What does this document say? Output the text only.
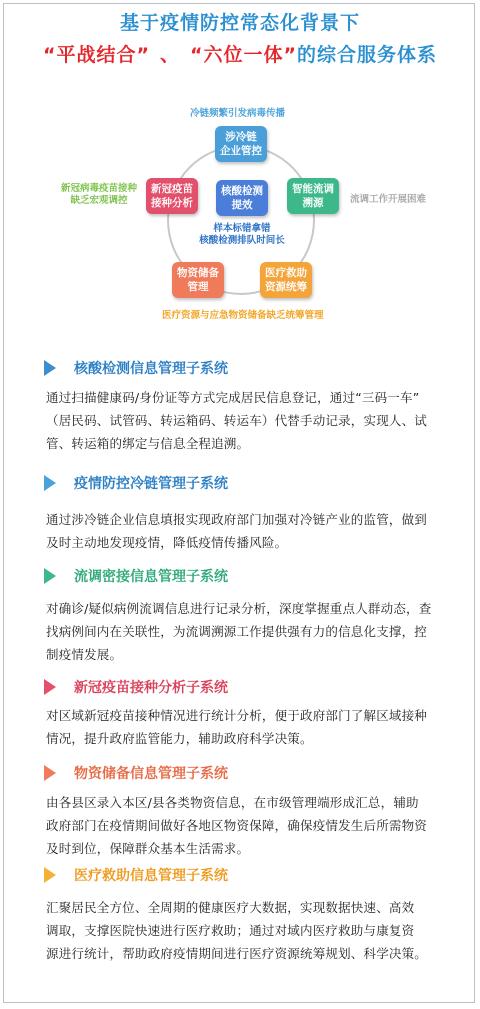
基于疫情防控常态化背景下
“平战结合” 、 “六位一体”的综合服务体系
冷链频繁引发病毒传播
流调工作开展困难
新冠病毒疫苗接种
缺乏宏观调控
样本标错拿错
核酸检测排队时间长
医疗资源与应急物资储备缺乏统筹管理
涉冷链
企业管控
智能流调
溯源
医疗救助
资源统筹
物资储备
管理
新冠疫苗
接种分析
核酸检测
提效
核酸检测信息管理子系统
通过扫描健康码/身份证等方式完成居民信息登记，通过“三码一车”
（居民码、试管码、转运箱码、转运车）代替手动记录，实现人、试
管、转运箱的绑定与信息全程追溯。
疫情防控冷链管理子系统
通过涉冷链企业信息填报实现政府部门加强对冷链产业的监管，做到
及时主动地发现疫情，降低疫情传播风险。
流调密接信息管理子系统
对确诊/疑似病例流调信息进行记录分析，深度掌握重点人群动态，查
找病例间内在关联性，为流调溯源工作提供强有力的信息化支撑，控
制疫情发展。
新冠疫苗接种分析子系统
对区域新冠疫苗接种情况进行统计分析，便于政府部门了解区域接种
情况，提升政府监管能力，辅助政府科学决策。
物资储备信息管理子系统
由各县区录入本区/县各类物资信息，在市级管理端形成汇总，辅助
政府部门在疫情期间做好各地区物资保障，确保疫情发生后所需物资
及时到位，保障群众基本生活需求。
医疗救助信息管理子系统
汇聚居民全方位、全周期的健康医疗大数据，实现数据快速、高效
调取，支撑医院快速进行医疗救助；通过对域内医疗救助与康复资
源进行统计，帮助政府疫情期间进行医疗资源统筹规划、科学决策。
